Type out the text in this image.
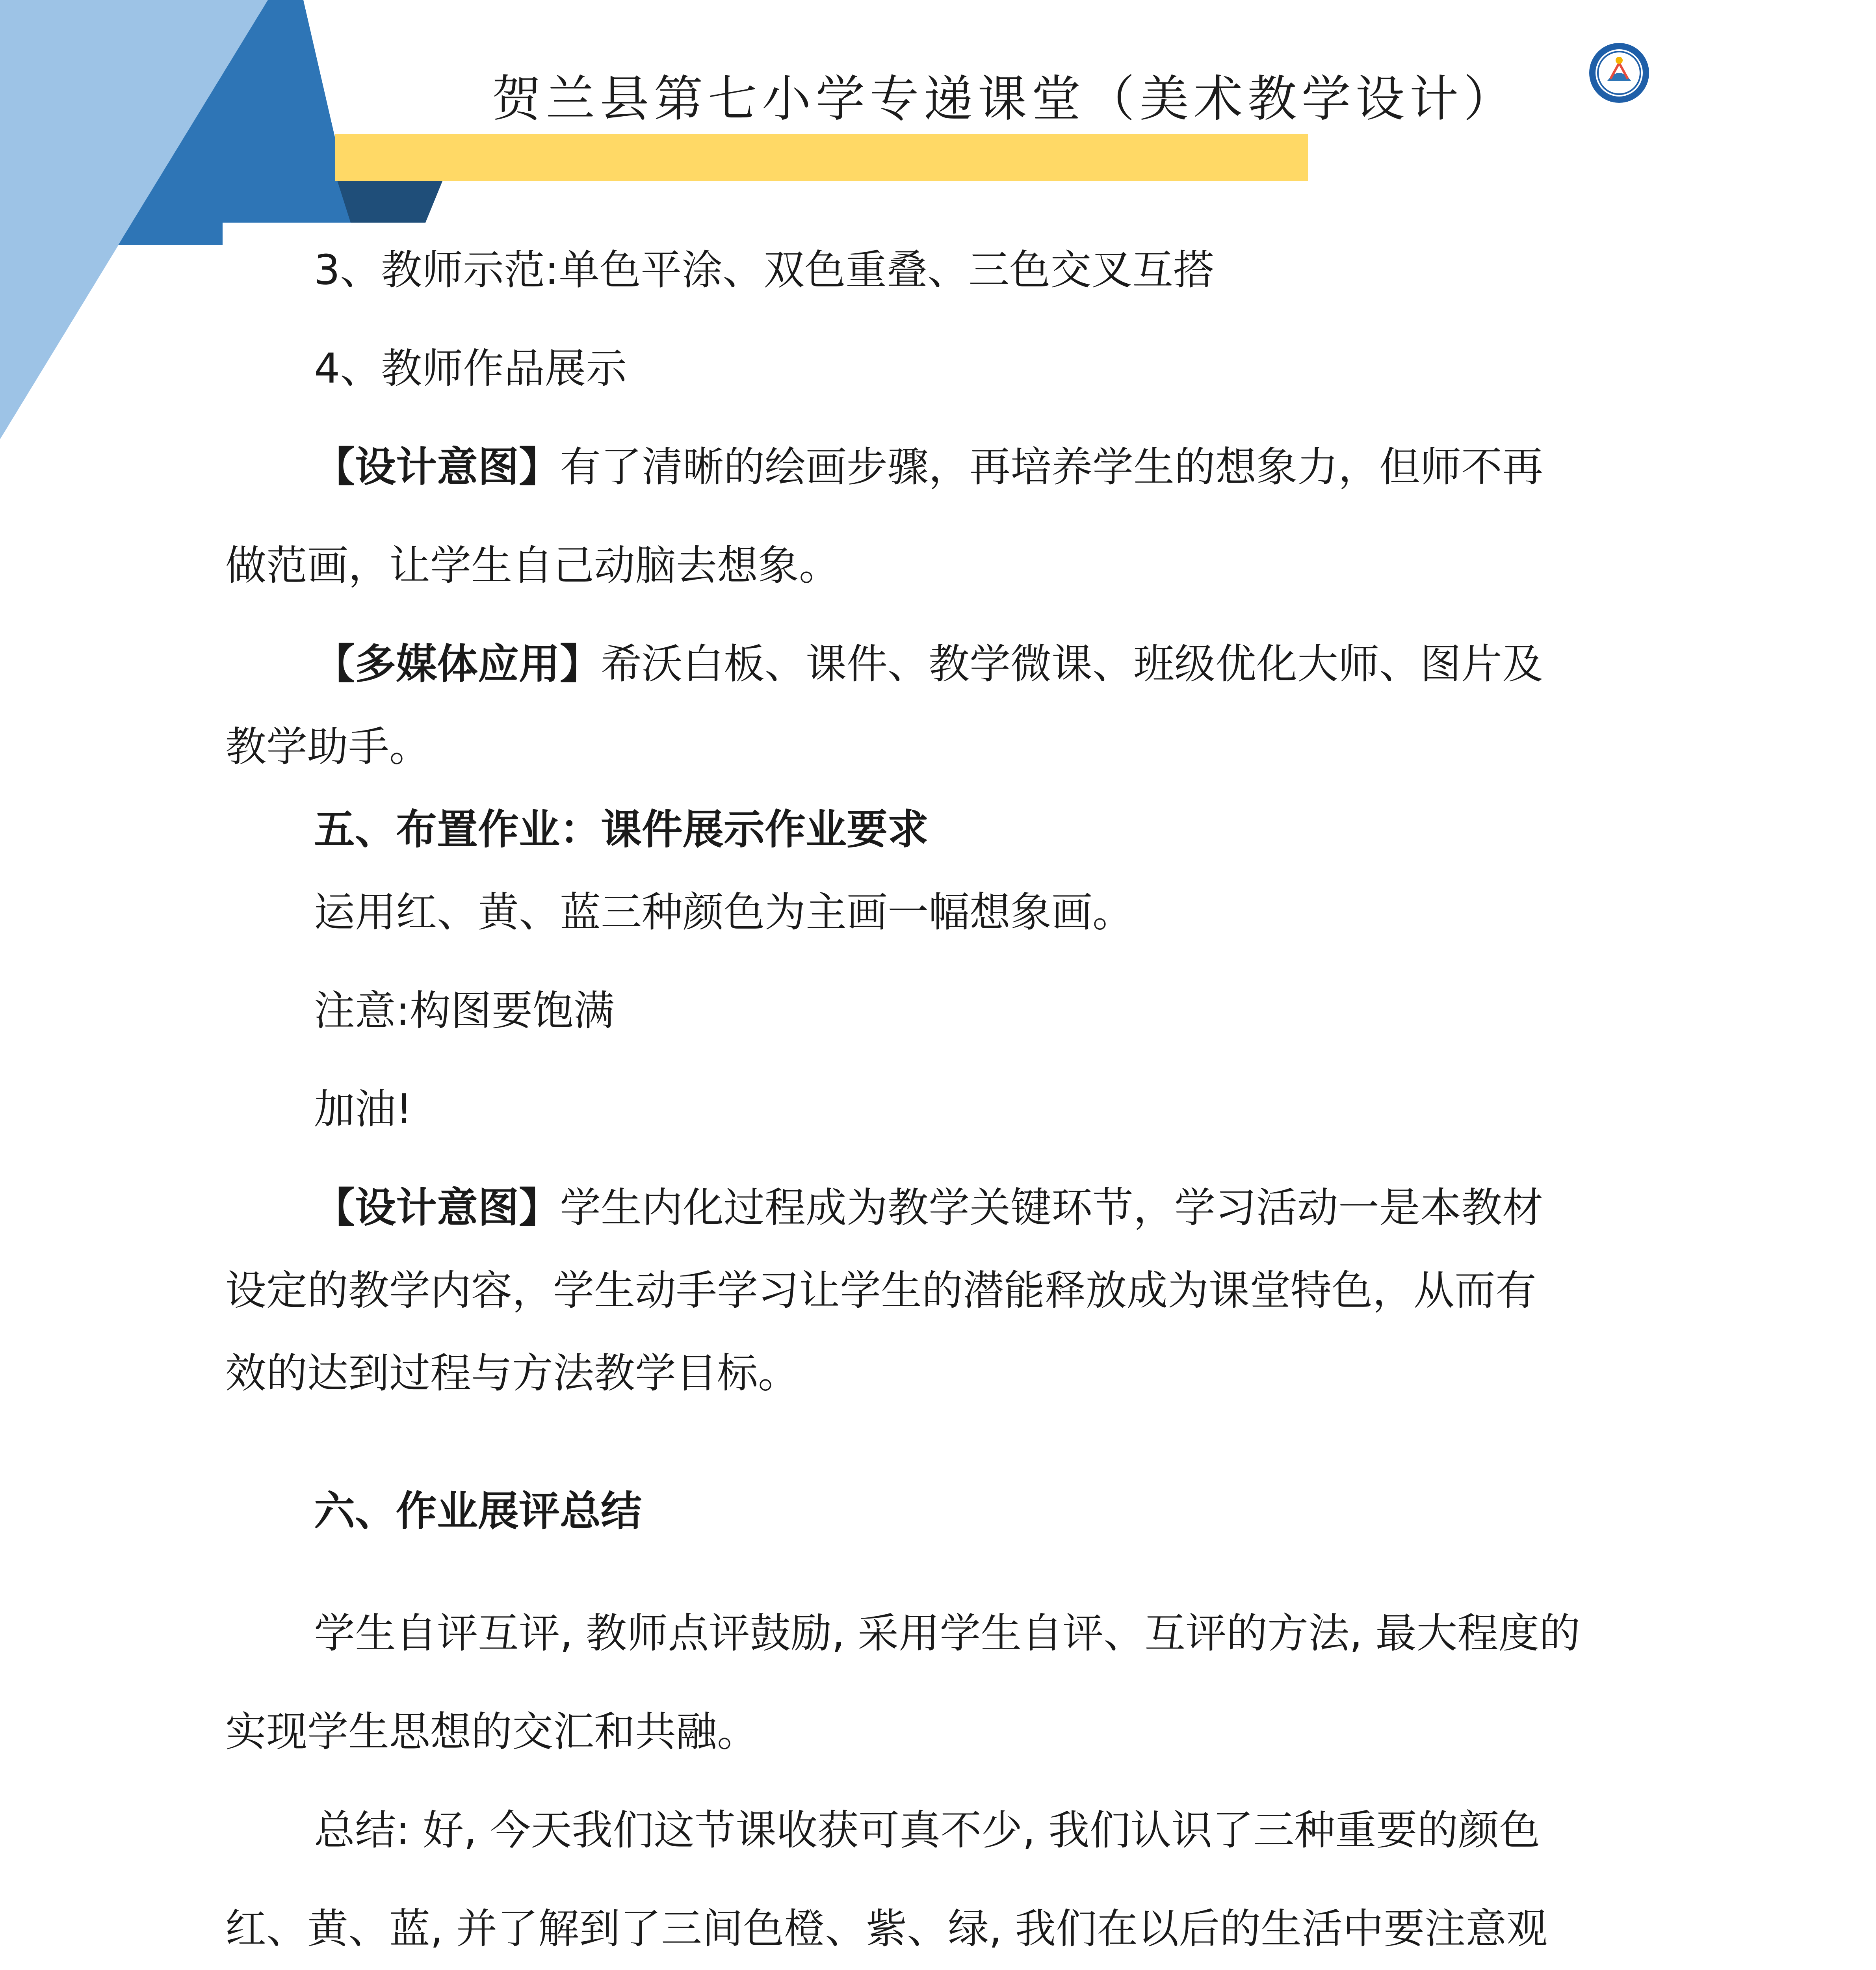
贺兰县第七小学专递课堂（美术教学设计）

3、教师示范:单色平涂、双色重叠、三色交叉互搭

4、教师作品展示

【设计意图】有了清晰的绘画步骤，再培养学生的想象力，但师不再

做范画，让学生自己动脑去想象。

【多媒体应用】希沃白板、课件、教学微课、班级优化大师、图片及

教学助手。

五、布置作业：课件展示作业要求

运用红、黄、蓝三种颜色为主画一幅想象画。

注意:构图要饱满

加油!

【设计意图】学生内化过程成为教学关键环节，学习活动一是本教材

设定的教学内容，学生动手学习让学生的潜能释放成为课堂特色，从而有

效的达到过程与方法教学目标。

六、作业展评总结

学生自评互评, 教师点评鼓励, 采用学生自评、互评的方法, 最大程度的

实现学生思想的交汇和共融。

总结: 好, 今天我们这节课收获可真不少, 我们认识了三种重要的颜色

红、黄、蓝, 并了解到了三间色橙、紫、绿, 我们在以后的生活中要注意观
